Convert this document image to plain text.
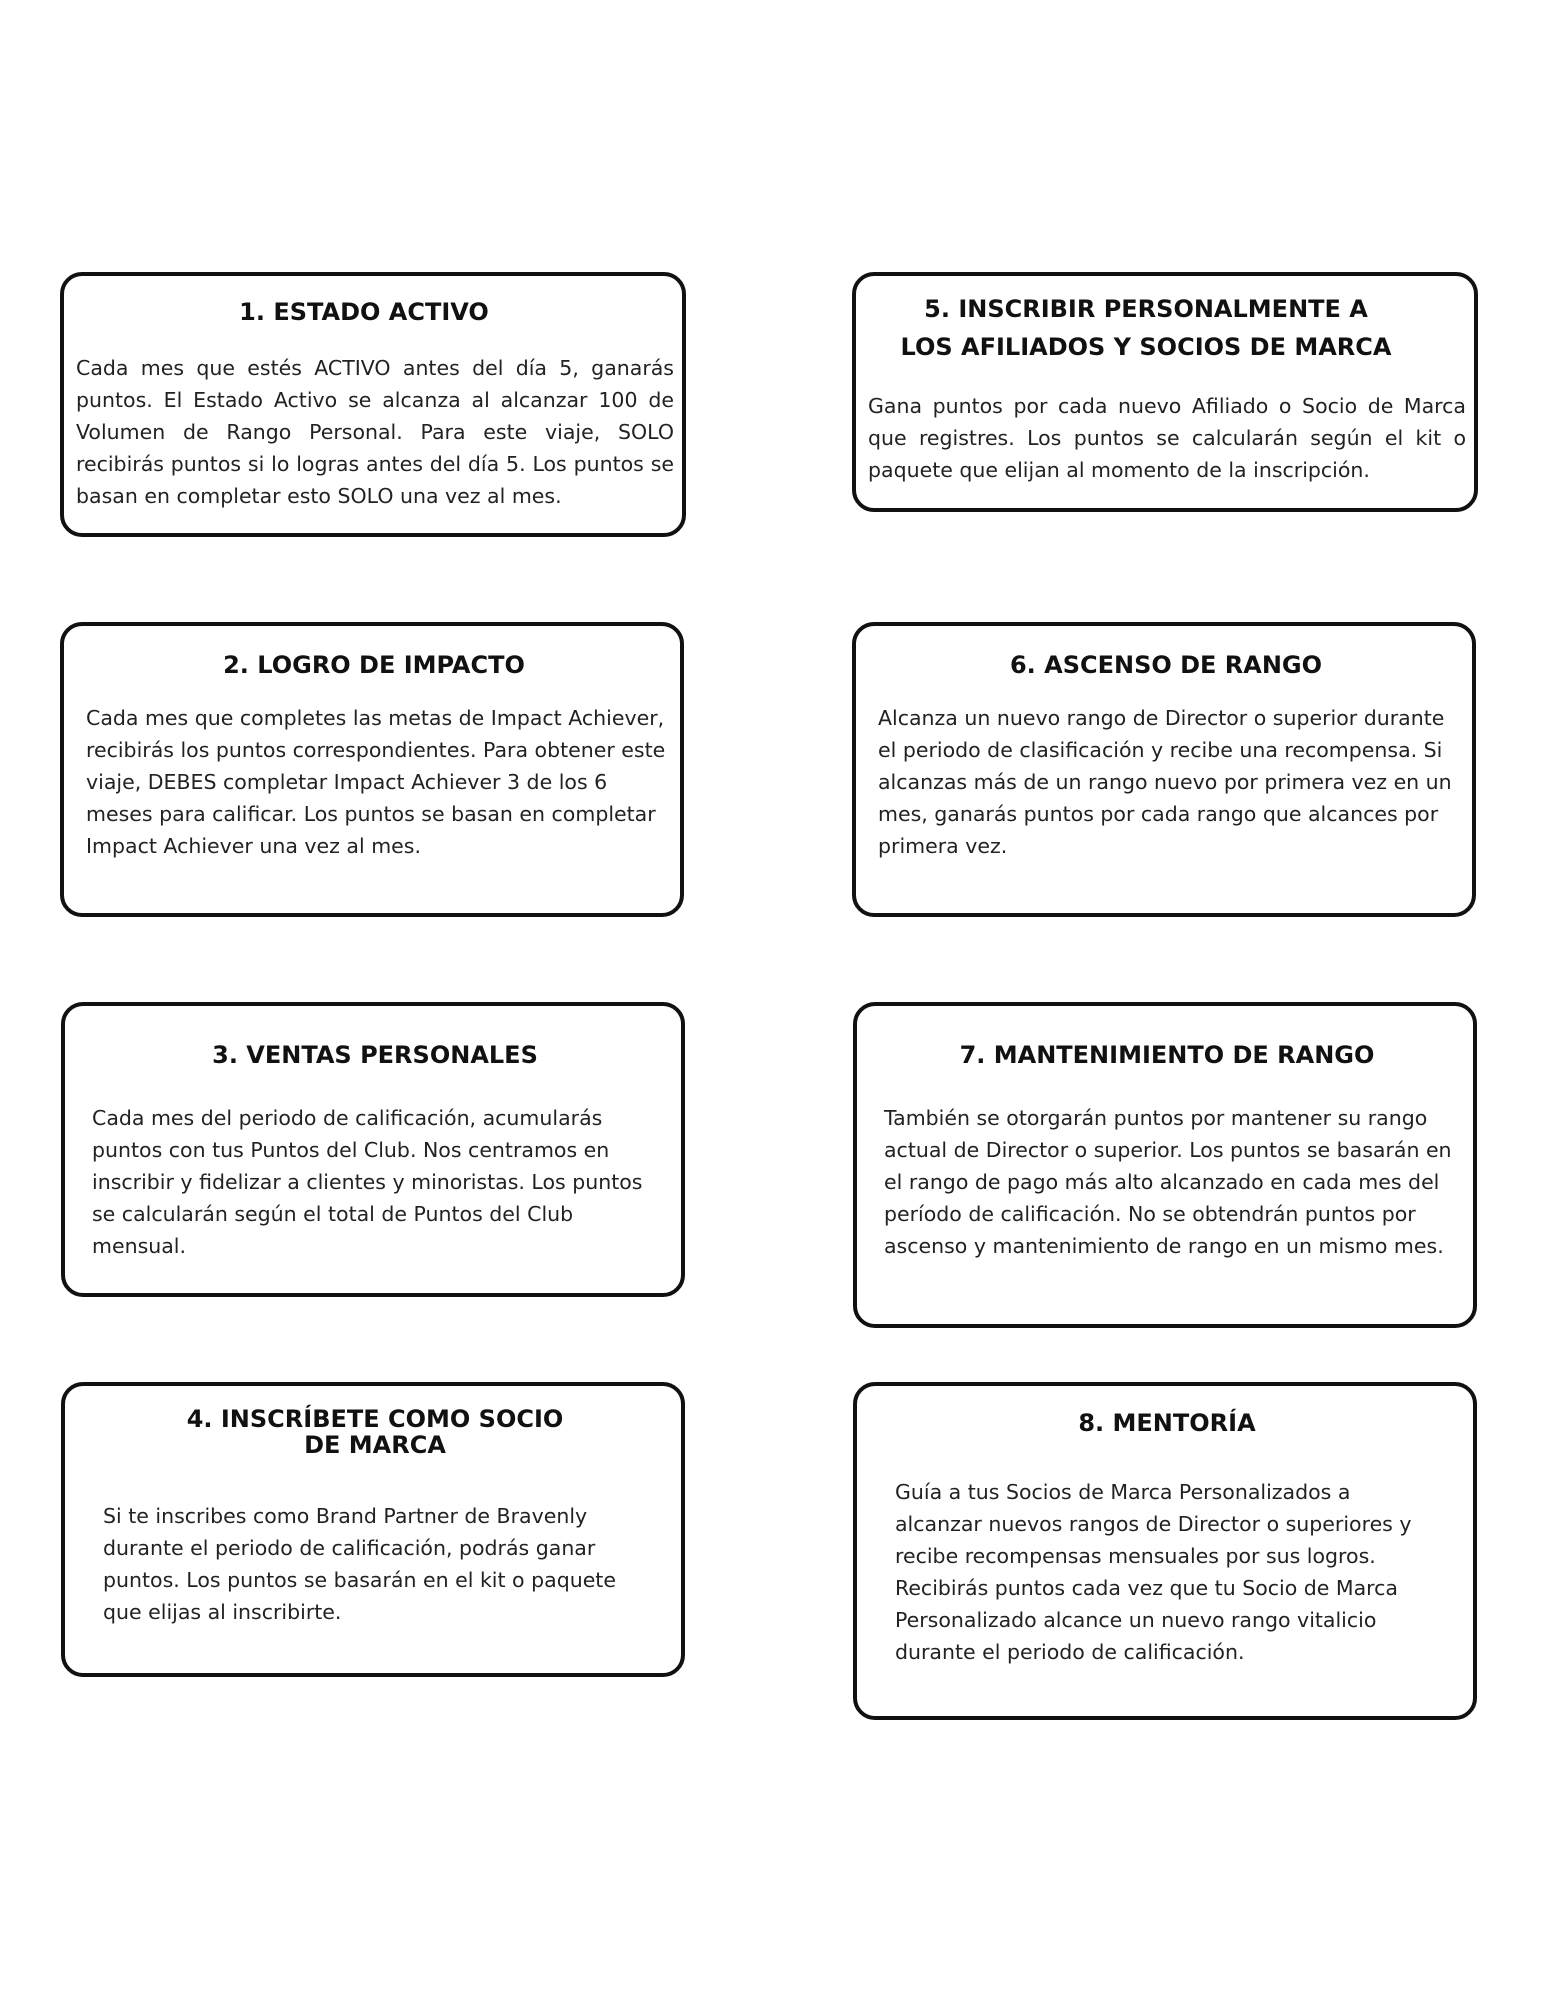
1. ESTADO ACTIVO

Cada mes que estés ACTIVO antes del día 5, ganarás puntos. El Estado Activo se alcanza al alcanzar 100 de Volumen de Rango Personal. Para este viaje, SOLO recibirás puntos si lo logras antes del día 5. Los puntos se basan en completar esto SOLO una vez al mes.

5. INSCRIBIR PERSONALMENTE A LOS AFILIADOS Y SOCIOS DE MARCA

Gana puntos por cada nuevo Afiliado o Socio de Marca que registres. Los puntos se calcularán según el kit o paquete que elijan al momento de la inscripción.

2. LOGRO DE IMPACTO

Cada mes que completes las metas de Impact Achiever, recibirás los puntos correspondientes. Para obtener este viaje, DEBES completar Impact Achiever 3 de los 6 meses para calificar. Los puntos se basan en completar Impact Achiever una vez al mes.

6. ASCENSO DE RANGO

Alcanza un nuevo rango de Director o superior durante el periodo de clasificación y recibe una recompensa. Si alcanzas más de un rango nuevo por primera vez en un mes, ganarás puntos por cada rango que alcances por primera vez.

3. VENTAS PERSONALES

Cada mes del periodo de calificación, acumularás puntos con tus Puntos del Club. Nos centramos en inscribir y fidelizar a clientes y minoristas. Los puntos se calcularán según el total de Puntos del Club mensual.

7. MANTENIMIENTO DE RANGO

También se otorgarán puntos por mantener su rango actual de Director o superior. Los puntos se basarán en el rango de pago más alto alcanzado en cada mes del período de calificación. No se obtendrán puntos por ascenso y mantenimiento de rango en un mismo mes.

4. INSCRÍBETE COMO SOCIO DE MARCA

Si te inscribes como Brand Partner de Bravenly durante el periodo de calificación, podrás ganar puntos. Los puntos se basarán en el kit o paquete que elijas al inscribirte.

8. MENTORÍA

Guía a tus Socios de Marca Personalizados a alcanzar nuevos rangos de Director o superiores y recibe recompensas mensuales por sus logros. Recibirás puntos cada vez que tu Socio de Marca Personalizado alcance un nuevo rango vitalicio durante el periodo de calificación.
